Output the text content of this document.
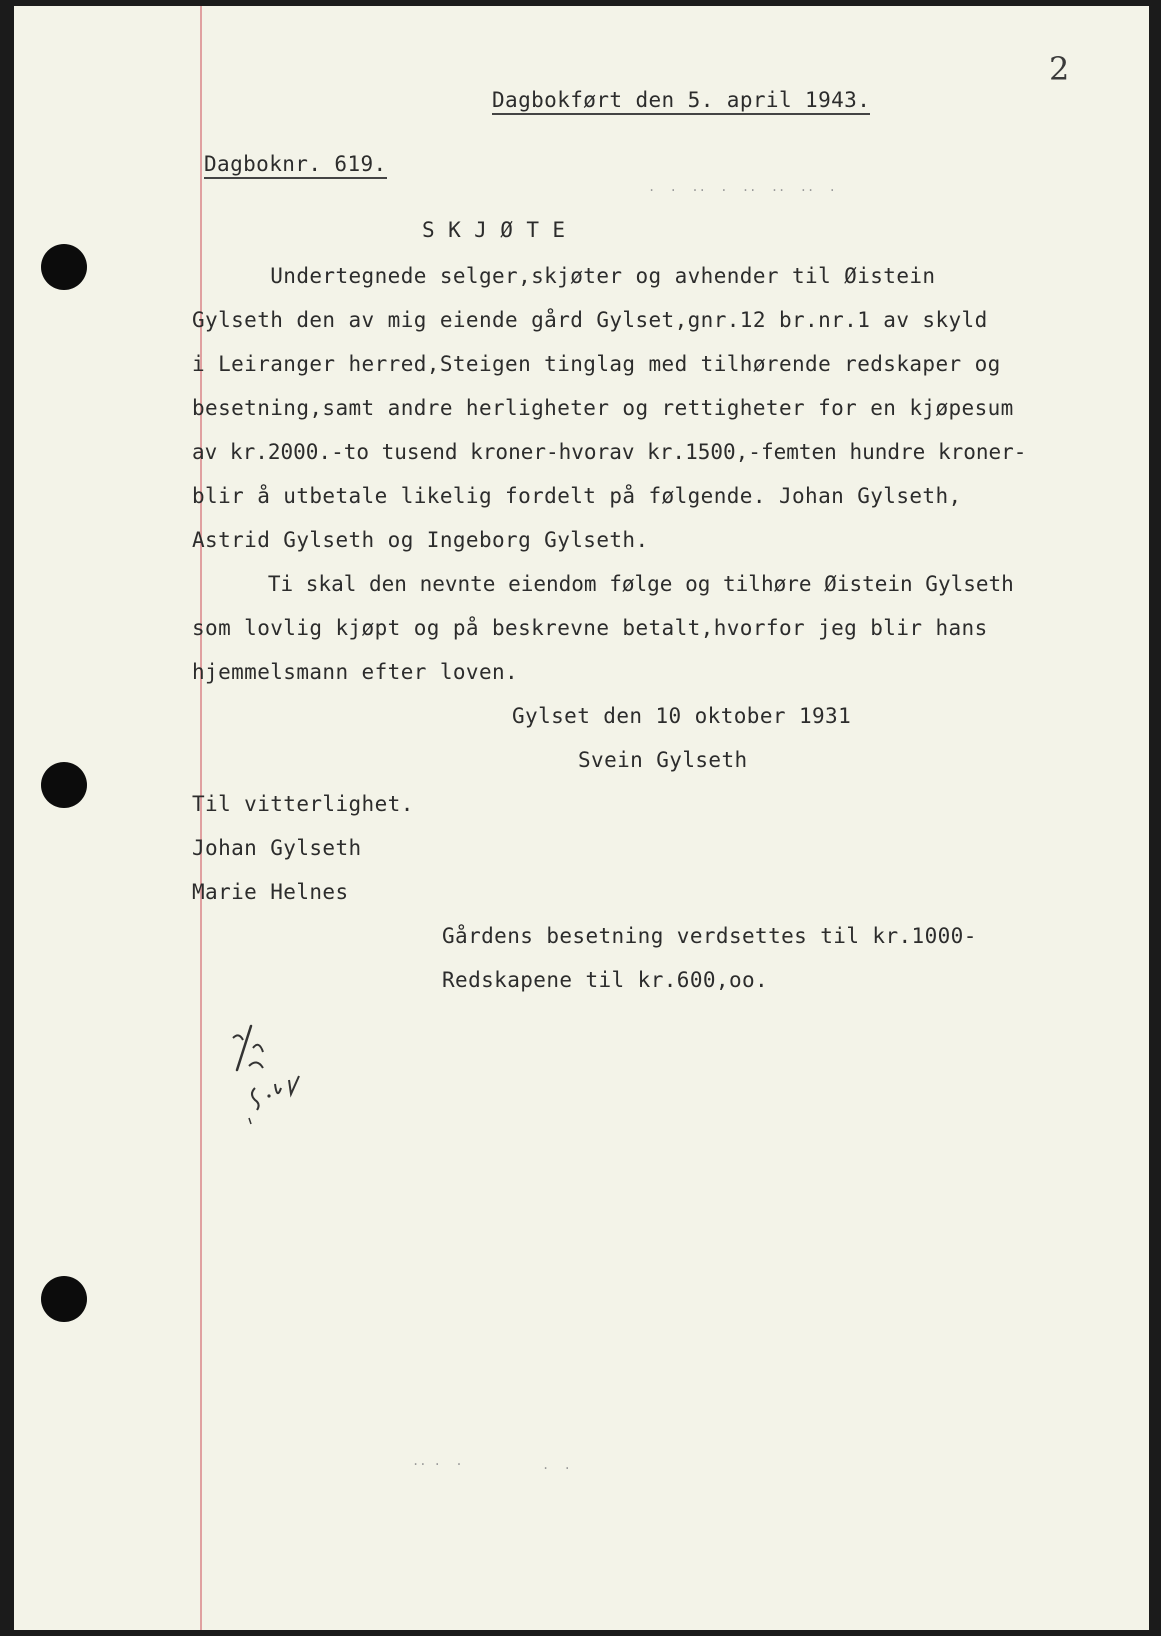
2
Dagbokført den 5. april 1943.
Dagboknr. 619.
.  .  ..  .  ..  ..  ..  .
S K J Ø T E
Undertegnede selger,skjøter og avhender til Øistein
Gylseth den av mig eiende gård Gylset,gnr.12 br.nr.1 av skyld
i Leiranger herred,Steigen tinglag med tilhørende redskaper og
besetning,samt andre herligheter og rettigheter for en kjøpesum
av kr.2000.-to tusend kroner-hvorav kr.1500,-femten hundre kroner-
blir å utbetale likelig fordelt på følgende. Johan Gylseth,
Astrid Gylseth og Ingeborg Gylseth.
Ti skal den nevnte eiendom følge og tilhøre Øistein Gylseth
som lovlig kjøpt og på beskrevne betalt,hvorfor jeg blir hans
hjemmelsmann efter loven.
Gylset den 10 oktober 1931
Svein Gylseth
Til vitterlighet.
Johan Gylseth
Marie Helnes
Gårdens besetning verdsettes til kr.1000-
Redskapene til kr.600,oo.
.. .  .	.  .
